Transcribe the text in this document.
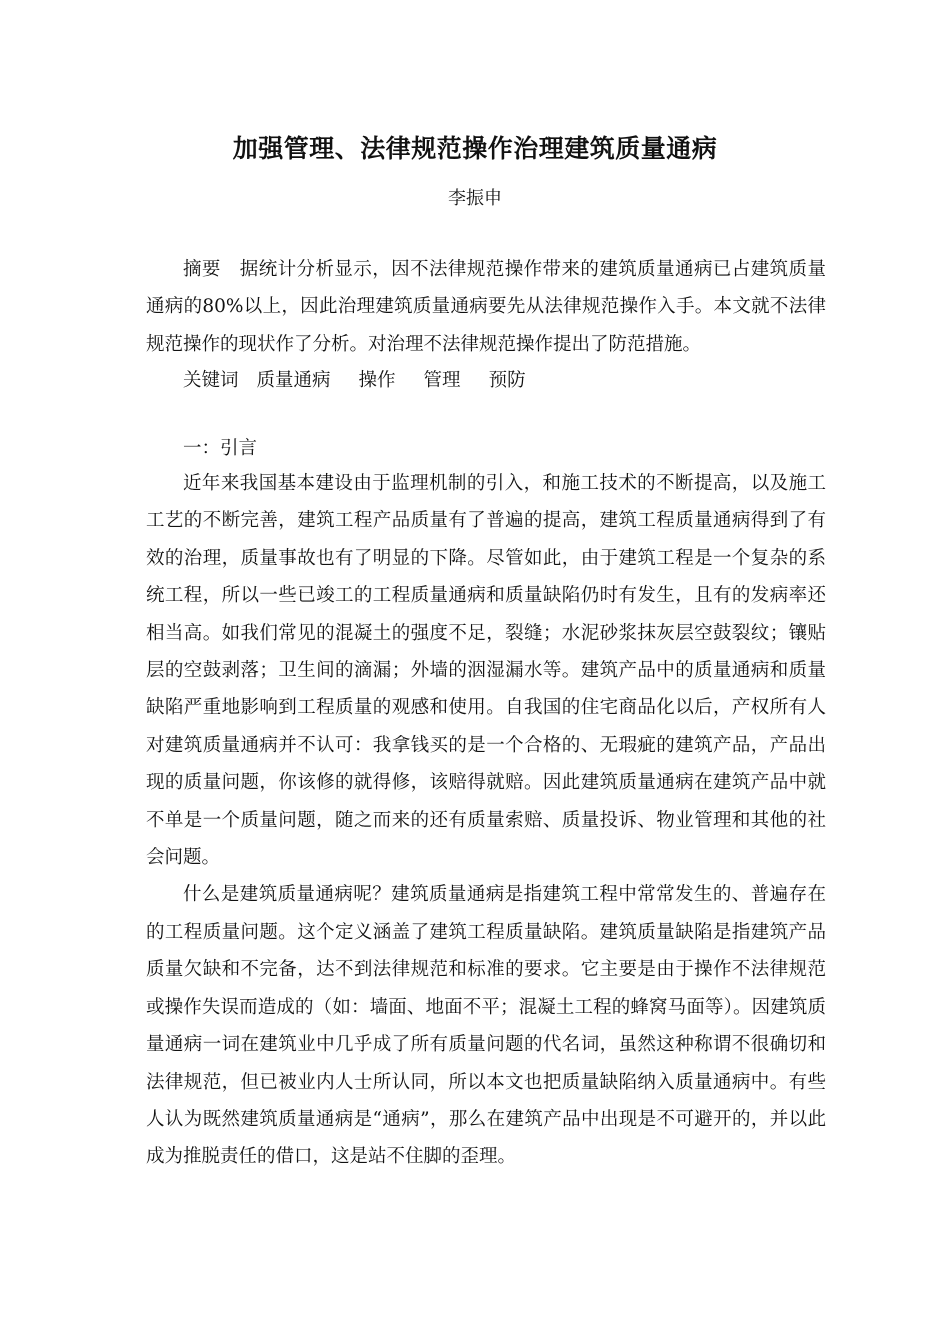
加强管理、法律规范操作治理建筑质量通病
李振申
摘要 据统计分析显示，因不法律规范操作带来的建筑质量通病已占建筑质量通病的80%以上，因此治理建筑质量通病要先从法律规范操作入手。本文就不法律规范操作的现状作了分析。对治理不法律规范操作提出了防范措施。
关键词 质量通病 操作 管理 预防
一：引言

近年来我国基本建设由于监理机制的引入，和施工技术的不断提高，以及施工工艺的不断完善，建筑工程产品质量有了普遍的提高，建筑工程质量通病得到了有效的治理，质量事故也有了明显的下降。尽管如此，由于建筑工程是一个复杂的系统工程，所以一些已竣工的工程质量通病和质量缺陷仍时有发生，且有的发病率还相当高。如我们常见的混凝土的强度不足，裂缝；水泥砂浆抹灰层空鼓裂纹；镶贴层的空鼓剥落；卫生间的滴漏；外墙的洇湿漏水等。建筑产品中的质量通病和质量缺陷严重地影响到工程质量的观感和使用。自我国的住宅商品化以后，产权所有人对建筑质量通病并不认可：我拿钱买的是一个合格的、无瑕疵的建筑产品，产品出现的质量问题，你该修的就得修，该赔得就赔。因此建筑质量通病在建筑产品中就不单是一个质量问题，随之而来的还有质量索赔、质量投诉、物业管理和其他的社会问题。

什么是建筑质量通病呢？建筑质量通病是指建筑工程中常常发生的、普遍存在的工程质量问题。这个定义涵盖了建筑工程质量缺陷。建筑质量缺陷是指建筑产品质量欠缺和不完备，达不到法律规范和标准的要求。它主要是由于操作不法律规范或操作失误而造成的（如：墙面、地面不平；混凝土工程的蜂窝马面等）。因建筑质量通病一词在建筑业中几乎成了所有质量问题的代名词，虽然这种称谓不很确切和法律规范，但已被业内人士所认同，所以本文也把质量缺陷纳入质量通病中。有些人认为既然建筑质量通病是“通病”，那么在建筑产品中出现是不可避开的，并以此成为推脱责任的借口，这是站不住脚的歪理。
